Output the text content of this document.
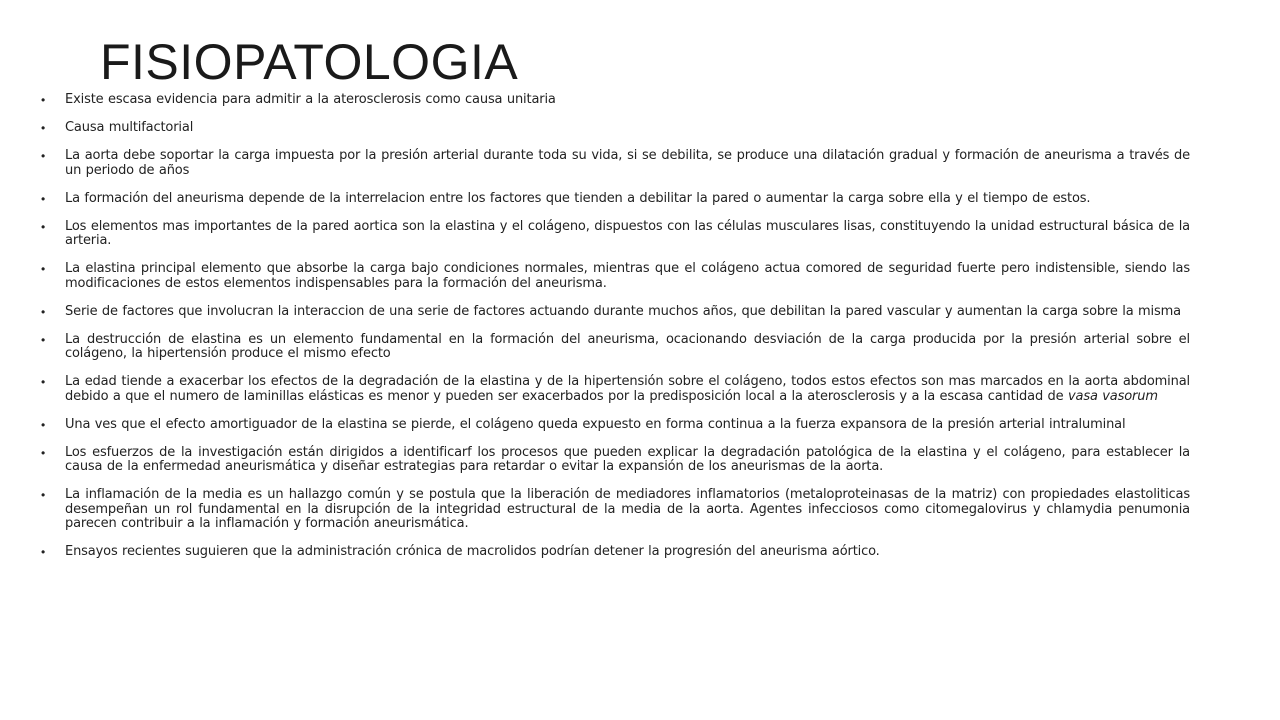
FISIOPATOLOGIA
• Existe escasa evidencia para admitir a la aterosclerosis como causa unitaria
• Causa multifactorial
• La aorta debe soportar la carga impuesta por la presión arterial durante toda su vida, si se debilita, se produce una dilatación gradual y formación de aneurisma a través de un periodo de años
• La formación del aneurisma depende de la interrelacion entre los factores que tienden a debilitar la pared o aumentar la carga sobre ella y el tiempo de estos.
• Los elementos mas importantes de la pared aortica son la elastina y el colágeno, dispuestos con las células musculares lisas, constituyendo la unidad estructural básica de la arteria.
• La elastina principal elemento que absorbe la carga bajo condiciones normales, mientras que el colágeno actua comored de seguridad fuerte pero indistensible, siendo las modificaciones de estos elementos indispensables para la formación del aneurisma.
• Serie de factores que involucran la interaccion de una serie de factores actuando durante muchos años, que debilitan la pared vascular y aumentan la carga sobre la misma
• La destrucción de elastina es un elemento fundamental en la formación del aneurisma, ocacionando desviación de la carga producida por la presión arterial sobre el colágeno, la hipertensión produce el mismo efecto
• La edad tiende a exacerbar los efectos de la degradación de la elastina y de la hipertensión sobre el colágeno, todos estos efectos son mas marcados en la aorta abdominal debido a que el numero de laminillas elásticas es menor y pueden ser exacerbados por la predisposición local a la aterosclerosis y a la escasa cantidad de vasa vasorum
• Una ves que el efecto amortiguador de la elastina se pierde, el colágeno queda expuesto en forma continua a la fuerza expansora de la presión arterial intraluminal
• Los esfuerzos de la investigación están dirigidos a identificarf los procesos que pueden explicar la degradación patológica de la elastina y el colágeno, para establecer la causa de la enfermedad aneurismática y diseñar estrategias para retardar o evitar la expansión de los aneurismas de la aorta.
• La inflamación de la media es un hallazgo común y se postula que la liberación de mediadores inflamatorios (metaloproteinasas de la matriz) con propiedades elastoliticas desempeñan un rol fundamental en la disrupción de la integridad estructural de la media de la aorta. Agentes infecciosos como citomegalovirus y chlamydia penumonia parecen contribuir a la inflamación y formación aneurismática.
• Ensayos recientes suguieren que la administración crónica de macrolidos podrían detener la progresión del aneurisma aórtico.
